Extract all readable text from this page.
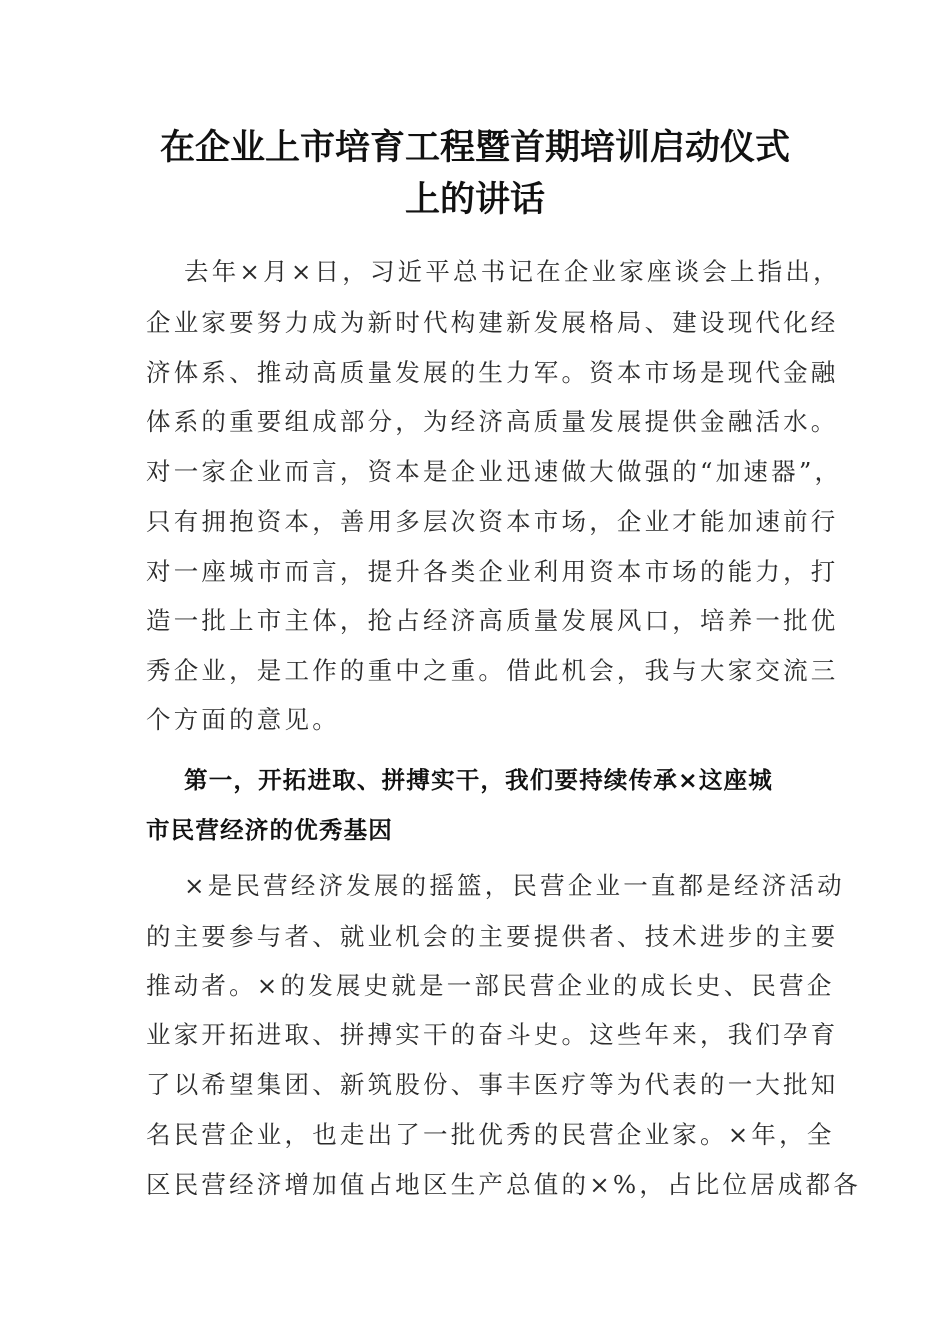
在企业上市培育工程暨首期培训启动仪式
上的讲话
去年×月×日，习近平总书记在企业家座谈会上指出，
企业家要努力成为新时代构建新发展格局、建设现代化经
济体系、推动高质量发展的生力军。资本市场是现代金融
体系的重要组成部分，为经济高质量发展提供金融活水。
对一家企业而言，资本是企业迅速做大做强的“加速器”，
只有拥抱资本，善用多层次资本市场，企业才能加速前行
对一座城市而言，提升各类企业利用资本市场的能力，打
造一批上市主体，抢占经济高质量发展风口，培养一批优
秀企业，是工作的重中之重。借此机会，我与大家交流三
个方面的意见。
第一，开拓进取、拼搏实干，我们要持续传承×这座城
市民营经济的优秀基因
×是民营经济发展的摇篮，民营企业一直都是经济活动
的主要参与者、就业机会的主要提供者、技术进步的主要
推动者。×的发展史就是一部民营企业的成长史、民营企
业家开拓进取、拼搏实干的奋斗史。这些年来，我们孕育
了以希望集团、新筑股份、事丰医疗等为代表的一大批知
名民营企业，也走出了一批优秀的民营企业家。×年，全
区民营经济增加值占地区生产总值的×%，占比位居成都各
